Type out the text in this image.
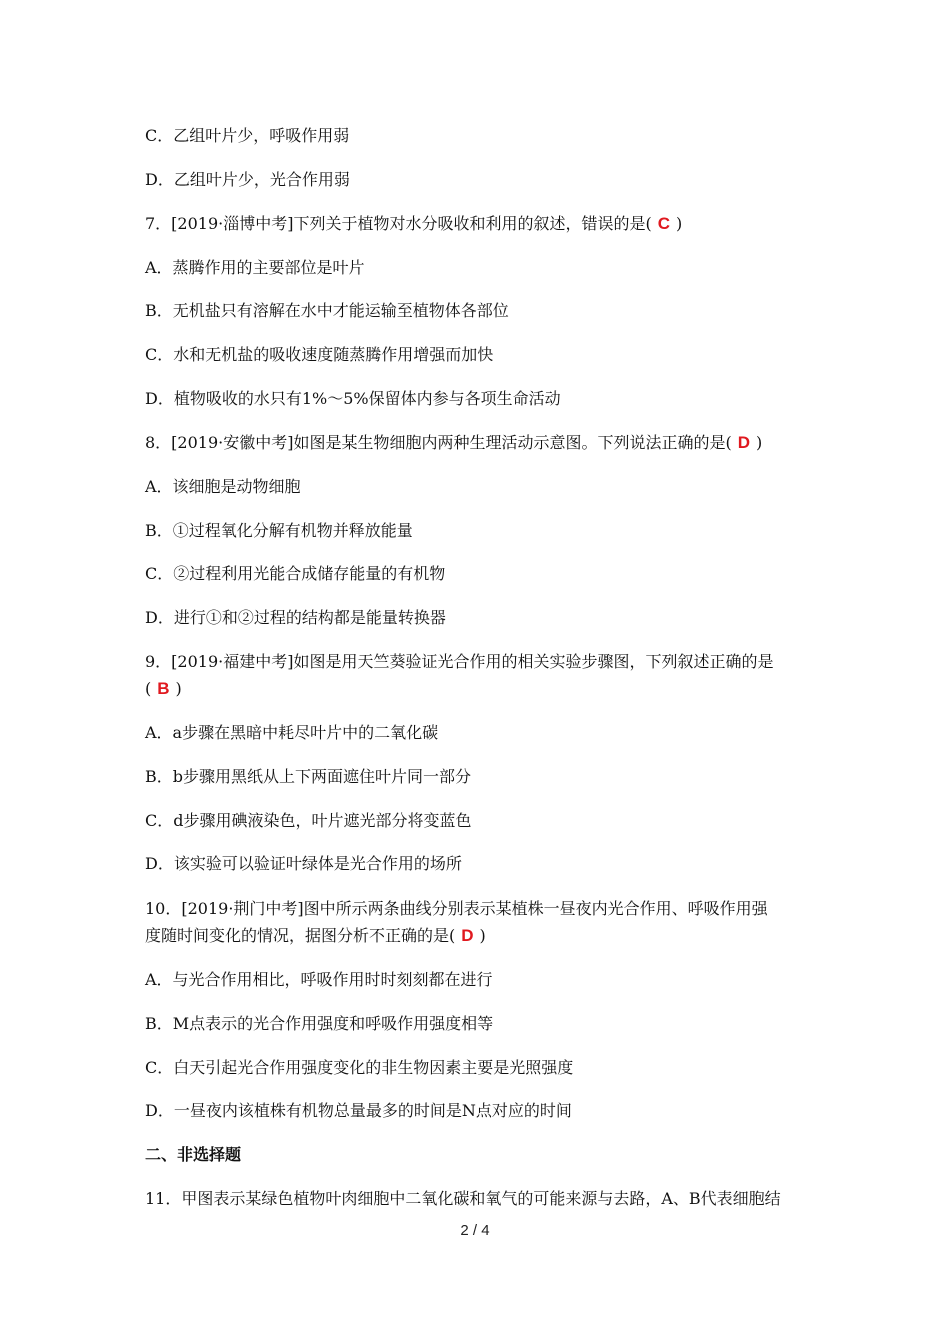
C．乙组叶片少，呼吸作用弱
D．乙组叶片少，光合作用弱
7．[2019·淄博中考]下列关于植物对水分吸收和利用的叙述，错误的是( C )
A．蒸腾作用的主要部位是叶片
B．无机盐只有溶解在水中才能运输至植物体各部位
C．水和无机盐的吸收速度随蒸腾作用增强而加快
D．植物吸收的水只有1%～5%保留体内参与各项生命活动
8．[2019·安徽中考]如图是某生物细胞内两种生理活动示意图。下列说法正确的是( D )
A．该细胞是动物细胞
B．①过程氧化分解有机物并释放能量
C．②过程利用光能合成储存能量的有机物
D．进行①和②过程的结构都是能量转换器
9．[2019·福建中考]如图是用天竺葵验证光合作用的相关实验步骤图，下列叙述正确的是
( B )
A．a步骤在黑暗中耗尽叶片中的二氧化碳
B．b步骤用黑纸从上下两面遮住叶片同一部分
C．d步骤用碘液染色，叶片遮光部分将变蓝色
D．该实验可以验证叶绿体是光合作用的场所
10．[2019·荆门中考]图中所示两条曲线分别表示某植株一昼夜内光合作用、呼吸作用强
度随时间变化的情况，据图分析不正确的是( D )
A．与光合作用相比，呼吸作用时时刻刻都在进行
B．M点表示的光合作用强度和呼吸作用强度相等
C．白天引起光合作用强度变化的非生物因素主要是光照强度
D．一昼夜内该植株有机物总量最多的时间是N点对应的时间
二、非选择题
11．甲图表示某绿色植物叶肉细胞中二氧化碳和氧气的可能来源与去路，A、B代表细胞结
2 / 4
